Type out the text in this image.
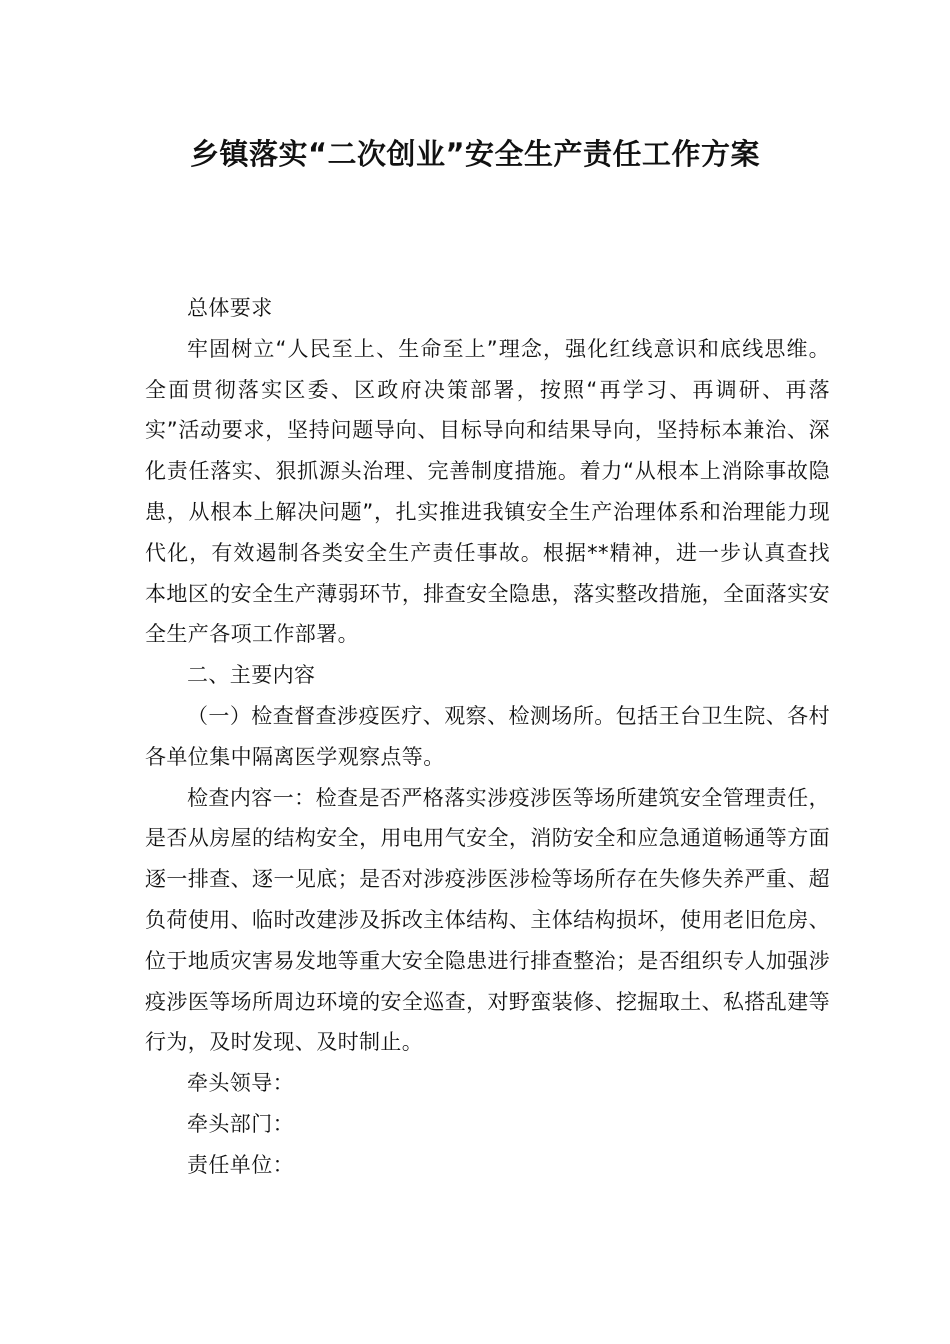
乡镇落实“二次创业”安全生产责任工作方案

总体要求

牢固树立“人民至上、生命至上”理念，强化红线意识和底线思维。全面贯彻落实区委、区政府决策部署，按照“再学习、再调研、再落实”活动要求，坚持问题导向、目标导向和结果导向，坚持标本兼治、深化责任落实、狠抓源头治理、完善制度措施。着力“从根本上消除事故隐患，从根本上解决问题”，扎实推进我镇安全生产治理体系和治理能力现代化，有效遏制各类安全生产责任事故。根据**精神，进一步认真查找本地区的安全生产薄弱环节，排查安全隐患，落实整改措施，全面落实安全生产各项工作部署。

二、主要内容

（一）检查督查涉疫医疗、观察、检测场所。包括王台卫生院、各村各单位集中隔离医学观察点等。

检查内容一：检查是否严格落实涉疫涉医等场所建筑安全管理责任，是否从房屋的结构安全，用电用气安全，消防安全和应急通道畅通等方面逐一排查、逐一见底；是否对涉疫涉医涉检等场所存在失修失养严重、超负荷使用、临时改建涉及拆改主体结构、主体结构损坏，使用老旧危房、位于地质灾害易发地等重大安全隐患进行排查整治；是否组织专人加强涉疫涉医等场所周边环境的安全巡查，对野蛮装修、挖掘取土、私搭乱建等行为，及时发现、及时制止。

牵头领导：

牵头部门：

责任单位：
